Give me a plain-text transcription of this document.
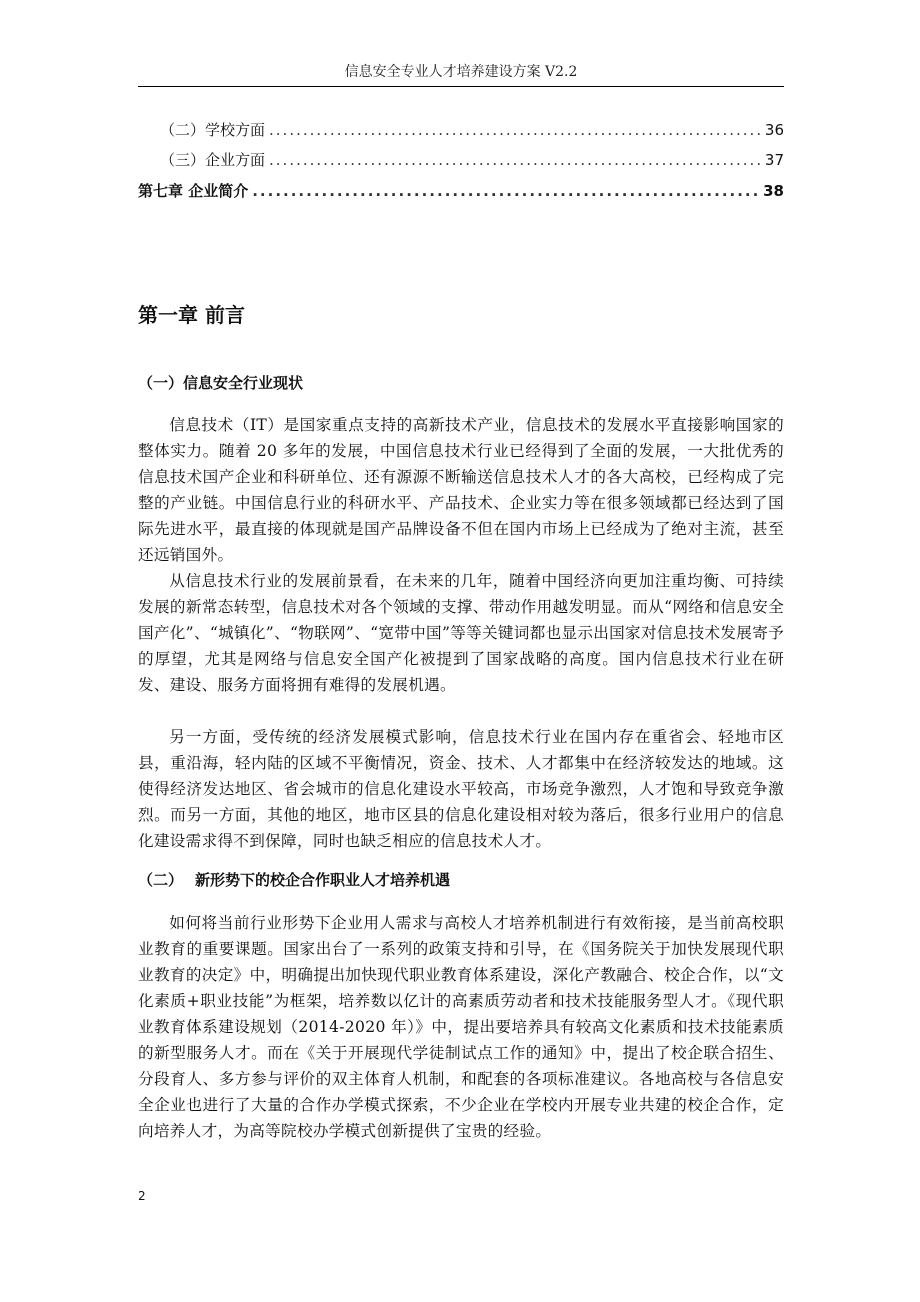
信息安全专业人才培养建设方案 V2.2
（二）学校方面 .....	36
（三）企业方面 .....	37
第七章 企业简介 .....	38
第一章 前言
（一）信息安全行业现状

信息技术（IT）是国家重点支持的高新技术产业，信息技术的发展水平直接影响国家的整体实力。随着 20 多年的发展，中国信息技术行业已经得到了全面的发展，一大批优秀的信息技术国产企业和科研单位、还有源源不断输送信息技术人才的各大高校，已经构成了完整的产业链。中国信息行业的科研水平、产品技术、企业实力等在很多领域都已经达到了国际先进水平，最直接的体现就是国产品牌设备不但在国内市场上已经成为了绝对主流，甚至还远销国外。

从信息技术行业的发展前景看，在未来的几年，随着中国经济向更加注重均衡、可持续发展的新常态转型，信息技术对各个领域的支撑、带动作用越发明显。而从“网络和信息安全国产化”、“城镇化”、“物联网”、“宽带中国”等等关键词都也显示出国家对信息技术发展寄予的厚望，尤其是网络与信息安全国产化被提到了国家战略的高度。国内信息技术行业在研发、建设、服务方面将拥有难得的发展机遇。

另一方面，受传统的经济发展模式影响，信息技术行业在国内存在重省会、轻地市区县，重沿海，轻内陆的区域不平衡情况，资金、技术、人才都集中在经济较发达的地域。这使得经济发达地区、省会城市的信息化建设水平较高，市场竞争激烈，人才饱和导致竞争激烈。而另一方面，其他的地区，地市区县的信息化建设相对较为落后，很多行业用户的信息化建设需求得不到保障，同时也缺乏相应的信息技术人才。

（二） 新形势下的校企合作职业人才培养机遇

如何将当前行业形势下企业用人需求与高校人才培养机制进行有效衔接，是当前高校职业教育的重要课题。国家出台了一系列的政策支持和引导，在《国务院关于加快发展现代职业教育的决定》中，明确提出加快现代职业教育体系建设，深化产教融合、校企合作，以“文化素质+职业技能”为框架，培养数以亿计的高素质劳动者和技术技能服务型人才。《现代职业教育体系建设规划（2014-2020 年）》中，提出要培养具有较高文化素质和技术技能素质的新型服务人才。而在《关于开展现代学徒制试点工作的通知》中，提出了校企联合招生、分段育人、多方参与评价的双主体育人机制，和配套的各项标准建议。各地高校与各信息安全企业也进行了大量的合作办学模式探索，不少企业在学校内开展专业共建的校企合作，定向培养人才，为高等院校办学模式创新提供了宝贵的经验。

2
